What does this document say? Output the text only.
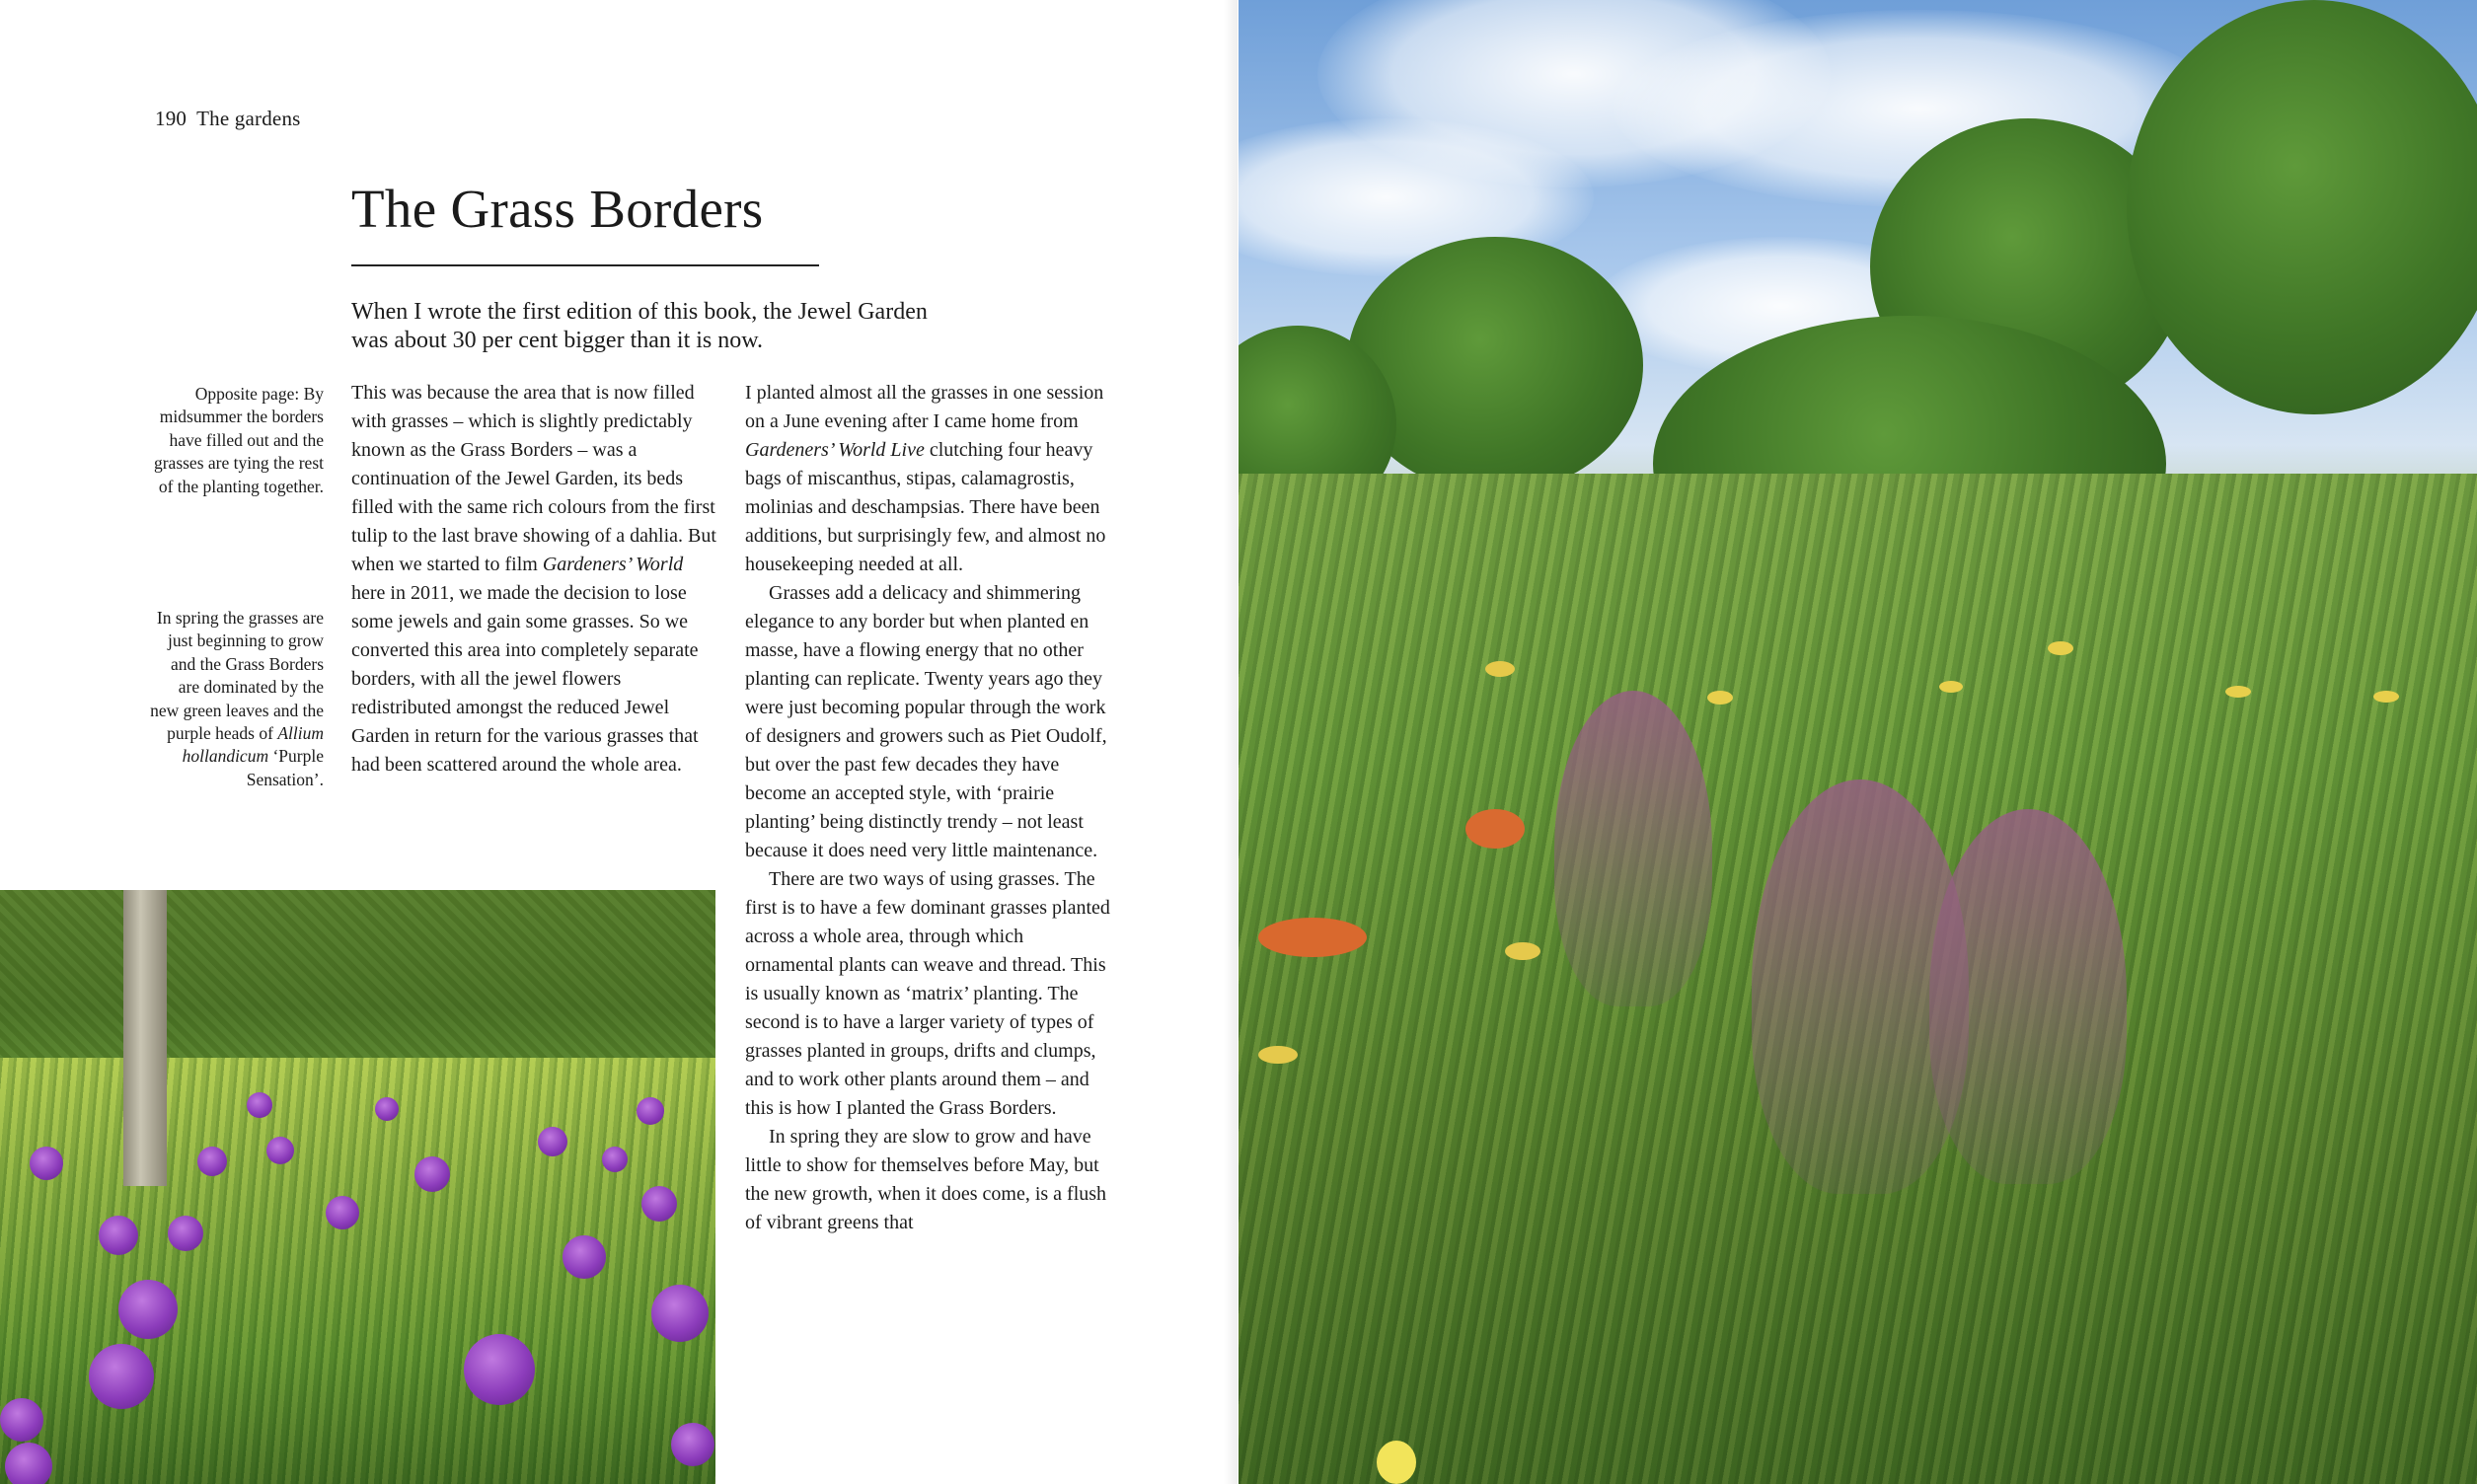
190 The gardens
The Grass Borders

When I wrote the first edition of this book, the Jewel Garden was about 30 per cent bigger than it is now.

Opposite page: By midsummer the borders have filled out and the grasses are tying the rest of the planting together.

In spring the grasses are just beginning to grow and the Grass Borders are dominated by the new green leaves and the purple heads of Allium hollandicum ‘Purple Sensation’.

This was because the area that is now filled with grasses – which is slightly predictably known as the Grass Borders – was a continuation of the Jewel Garden, its beds filled with the same rich colours from the first tulip to the last brave showing of a dahlia. But when we started to film Gardeners’ World here in 2011, we made the decision to lose some jewels and gain some grasses. So we converted this area into completely separate borders, with all the jewel flowers redistributed amongst the reduced Jewel Garden in return for the various grasses that had been scattered around the whole area.

I planted almost all the grasses in one session on a June evening after I came home from Gardeners’ World Live clutching four heavy bags of miscanthus, stipas, calamagrostis, molinias and deschampsias. There have been additions, but surprisingly few, and almost no housekeeping needed at all.

Grasses add a delicacy and shimmering elegance to any border but when planted en masse, have a flowing energy that no other planting can replicate. Twenty years ago they were just becoming popular through the work of designers and growers such as Piet Oudolf, but over the past few decades they have become an accepted style, with ‘prairie planting’ being distinctly trendy – not least because it does need very little maintenance.

There are two ways of using grasses. The first is to have a few dominant grasses planted across a whole area, through which ornamental plants can weave and thread. This is usually known as ‘matrix’ planting. The second is to have a larger variety of types of grasses planted in groups, drifts and clumps, and to work other plants around them – and this is how I planted the Grass Borders.

In spring they are slow to grow and have little to show for themselves before May, but the new growth, when it does come, is a flush of vibrant greens that
